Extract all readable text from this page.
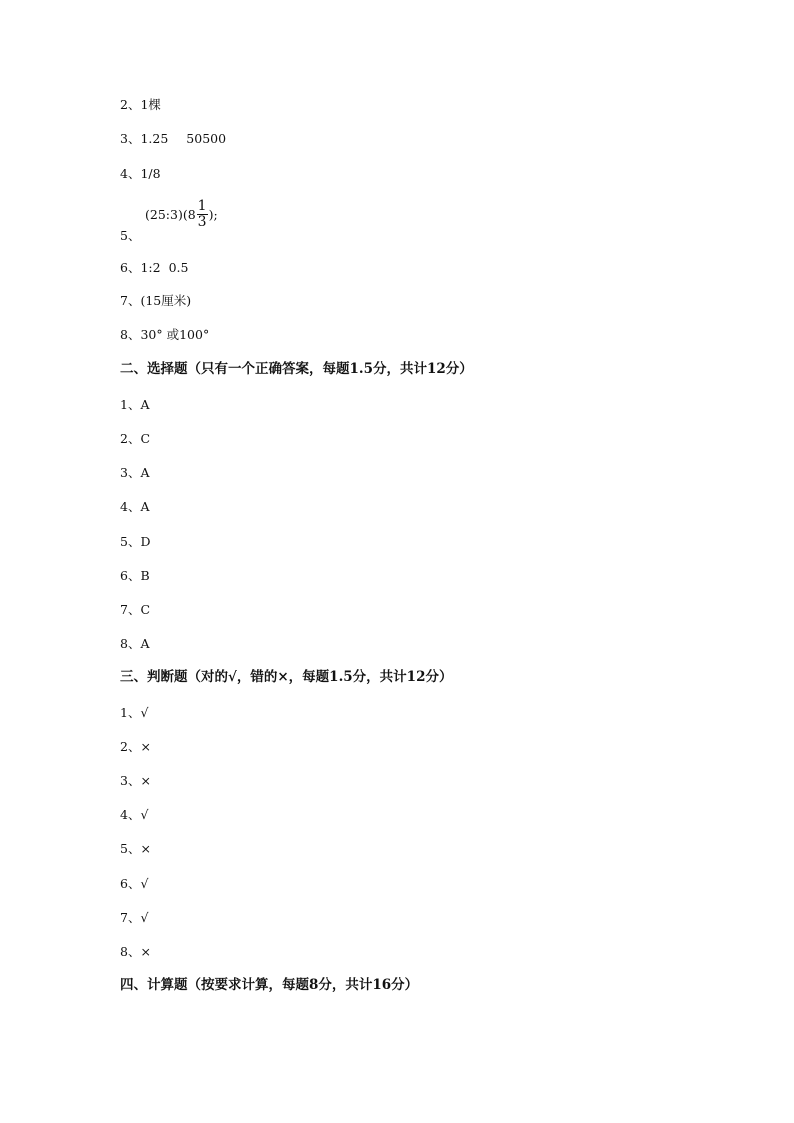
2、1棵
3、1.25 50500
4、1/8
(25:3)(8 $\frac{1}{3}$ );
5、
6、1:2 0.5
7、(15厘米)
8、30° 或100°
二、选择题（只有一个正确答案，每题1.5分，共计12分）
1、A
2、C
3、A
4、A
5、D
6、B
7、C
8、A
三、判断题（对的√，错的×，每题1.5分，共计12分）
1、√
2、×
3、×
4、√
5、×
6、√
7、√
8、×
四、计算题（按要求计算，每题8分，共计16分）
